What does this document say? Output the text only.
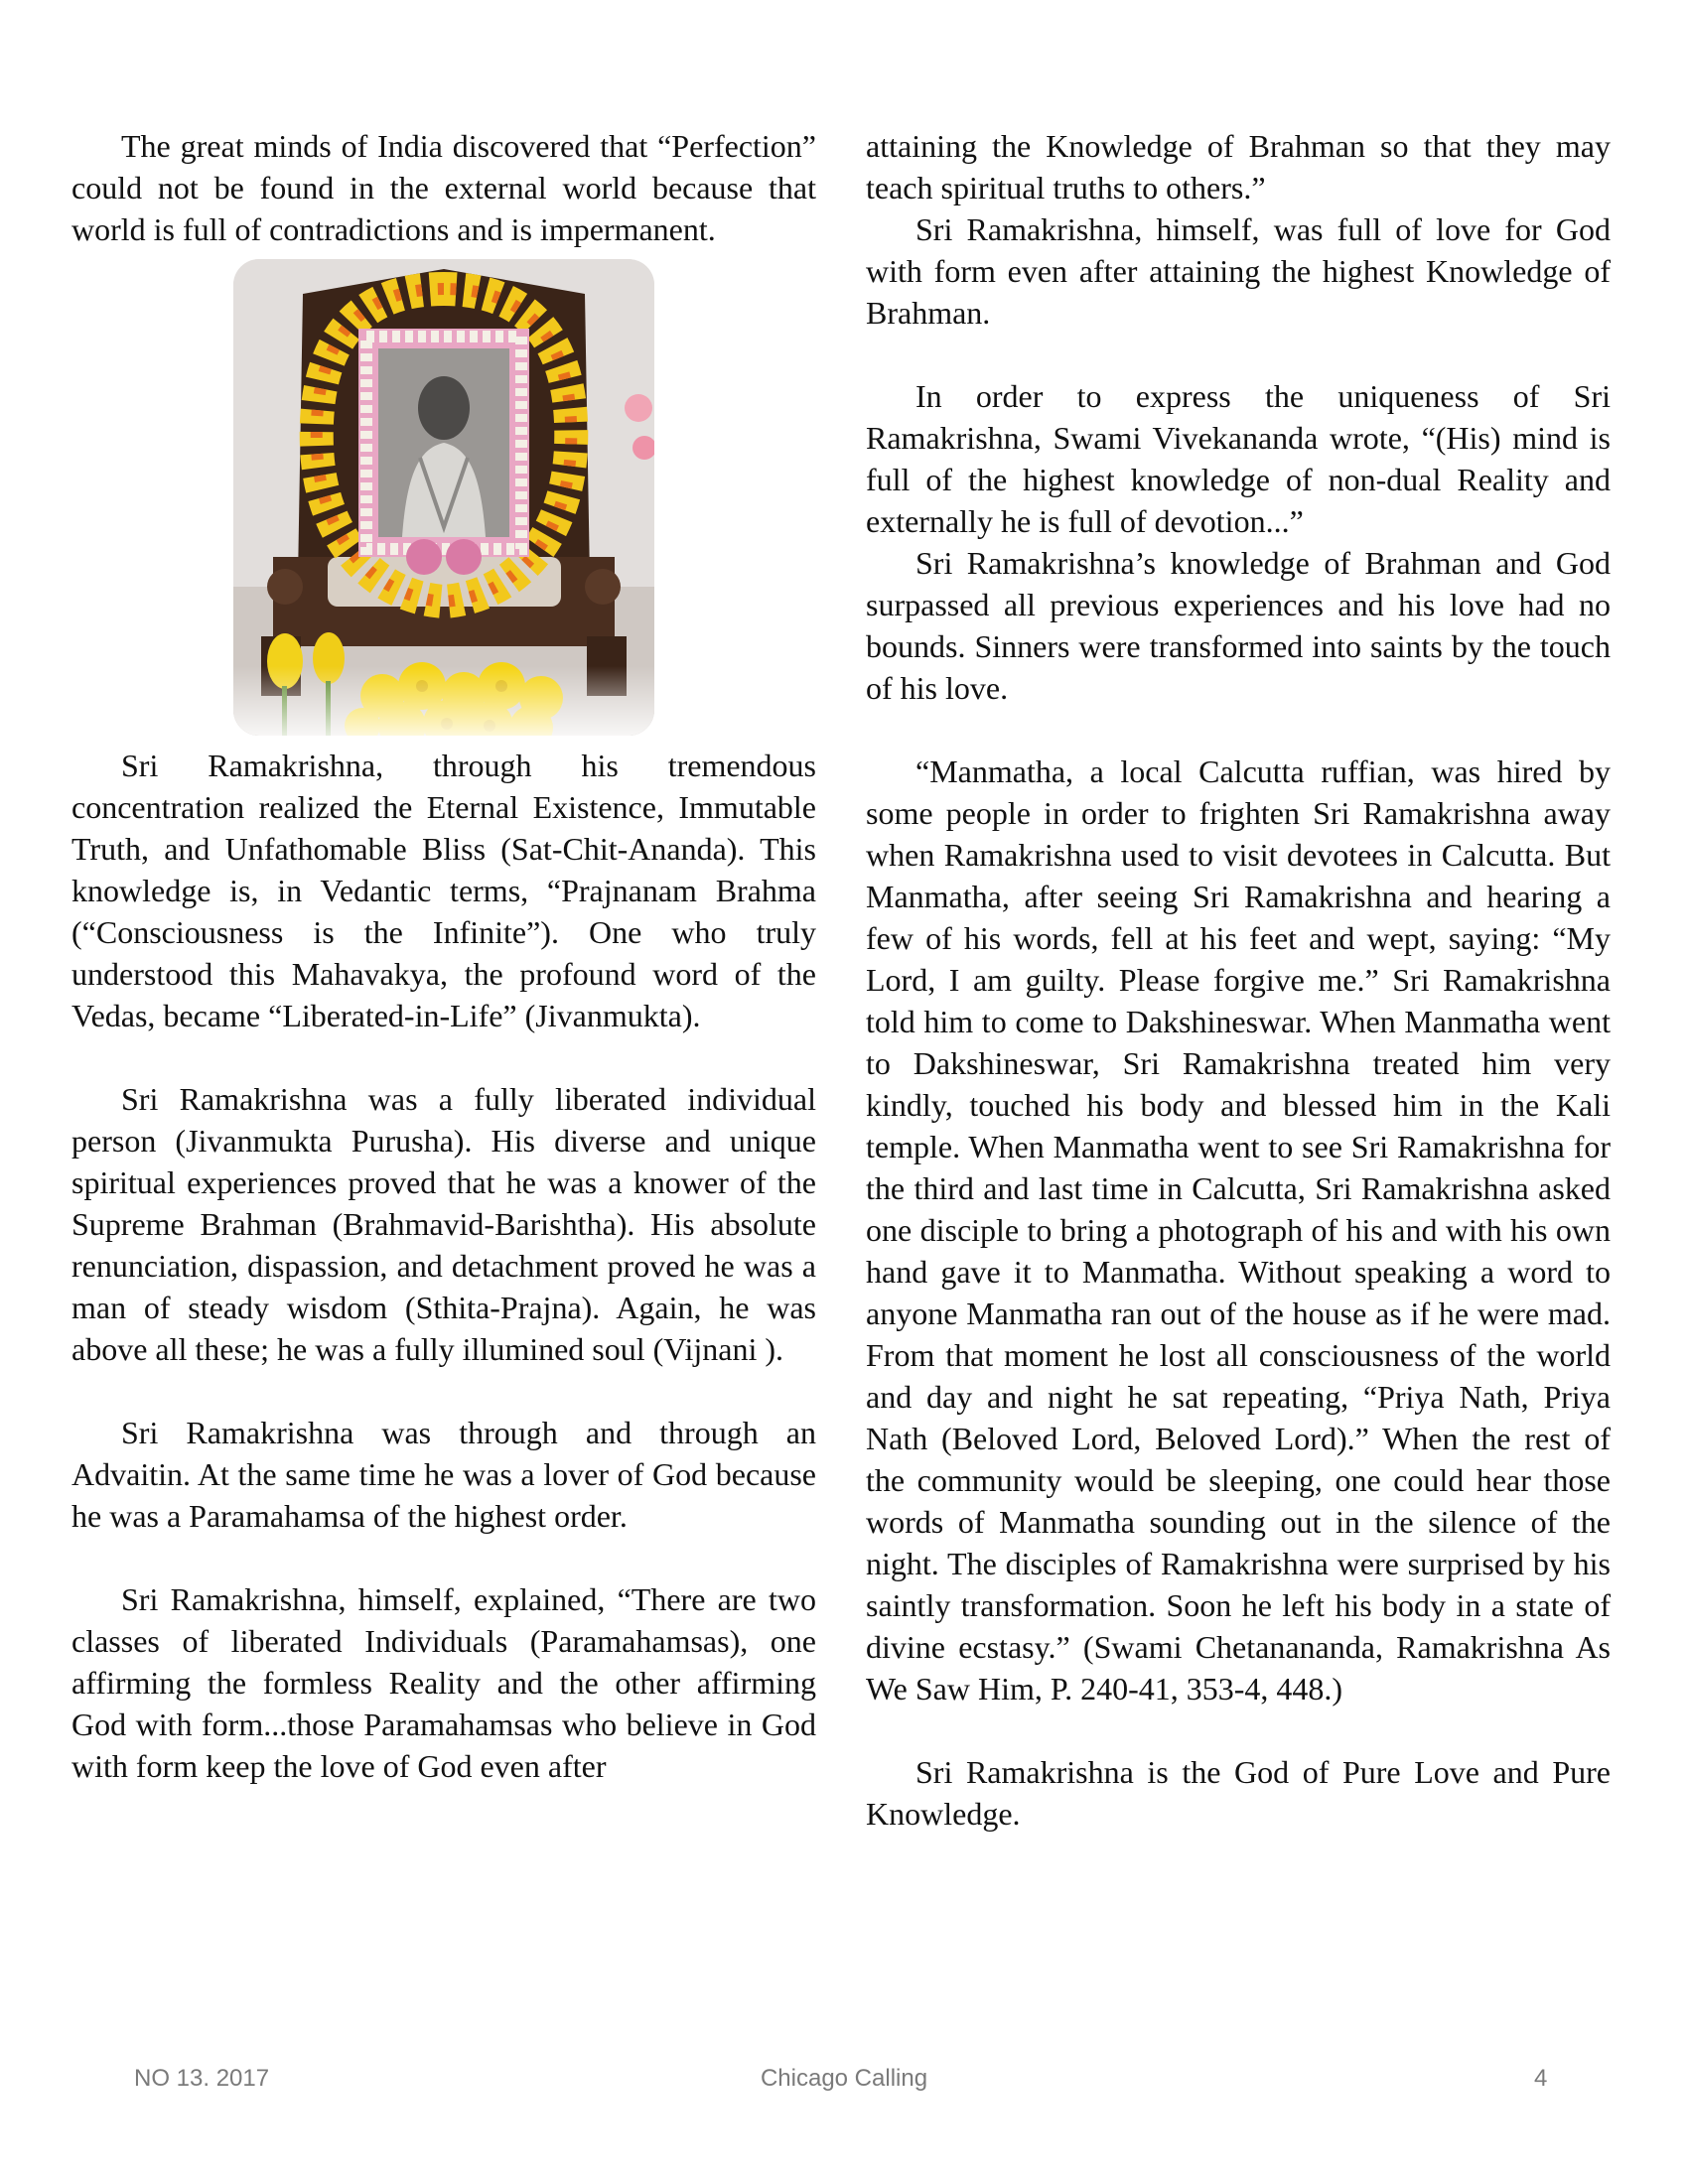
The great minds of India discovered that “Perfection” could not be found in the external world because that world is full of contradictions and is impermanent.

Sri Ramakrishna, through his tremendous concentration realized the Eternal Existence, Immutable Truth, and Unfathomable Bliss (Sat-Chit-Ananda). This knowledge is, in Vedantic terms, “Prajnanam Brahma (“Consciousness is the Infinite”). One who truly understood this Mahavakya, the profound word of the Vedas, became “Liberated-in-Life” (Jivanmukta).

Sri Ramakrishna was a fully liberated individual person (Jivanmukta Purusha). His diverse and unique spiritual experiences proved that he was a knower of the Supreme Brahman (Brahmavid-Barishtha). His absolute renunciation, dispassion, and detachment proved he was a man of steady wisdom (Sthita-Prajna). Again, he was above all these; he was a fully illumined soul (Vijnani ).

Sri Ramakrishna was through and through an Advaitin. At the same time he was a lover of God because he was a Paramahamsa of the highest order.

Sri Ramakrishna, himself, explained, “There are two classes of liberated Individuals (Paramahamsas), one affirming the formless Reality and the other affirming God with form...those Paramahamsas who believe in God with form keep the love of God even after

attaining the Knowledge of Brahman so that they may teach spiritual truths to others.”

Sri Ramakrishna, himself, was full of love for God with form even after attaining the highest Knowledge of Brahman.

In order to express the uniqueness of Sri Ramakrishna, Swami Vivekananda wrote, “(His) mind is full of the highest knowledge of non-dual Reality and externally he is full of devotion...”

Sri Ramakrishna’s knowledge of Brahman and God surpassed all previous experiences and his love had no bounds. Sinners were transformed into saints by the touch of his love.

“Manmatha, a local Calcutta ruffian, was hired by some people in order to frighten Sri Ramakrishna away when Ramakrishna used to visit devotees in Calcutta. But Manmatha, after seeing Sri Ramakrishna and hearing a few of his words, fell at his feet and wept, saying: “My Lord, I am guilty. Please forgive me.” Sri Ramakrishna told him to come to Dakshineswar. When Manmatha went to Dakshineswar, Sri Ramakrishna treated him very kindly, touched his body and blessed him in the Kali temple. When Manmatha went to see Sri Ramakrishna for the third and last time in Calcutta, Sri Ramakrishna asked one disciple to bring a photograph of his and with his own hand gave it to Manmatha. Without speaking a word to anyone Manmatha ran out of the house as if he were mad. From that moment he lost all consciousness of the world and day and night he sat repeating, “Priya Nath, Priya Nath (Beloved Lord, Beloved Lord).” When the rest of the community would be sleeping, one could hear those words of Manmatha sounding out in the silence of the night. The disciples of Ramakrishna were surprised by his saintly transformation. Soon he left his body in a state of divine ecstasy.” (Swami Chetanananda, Ramakrishna As We Saw Him, P. 240-41, 353-4, 448.)

Sri Ramakrishna is the God of Pure Love and Pure Knowledge.

NO 13. 2017	Chicago Calling	4
